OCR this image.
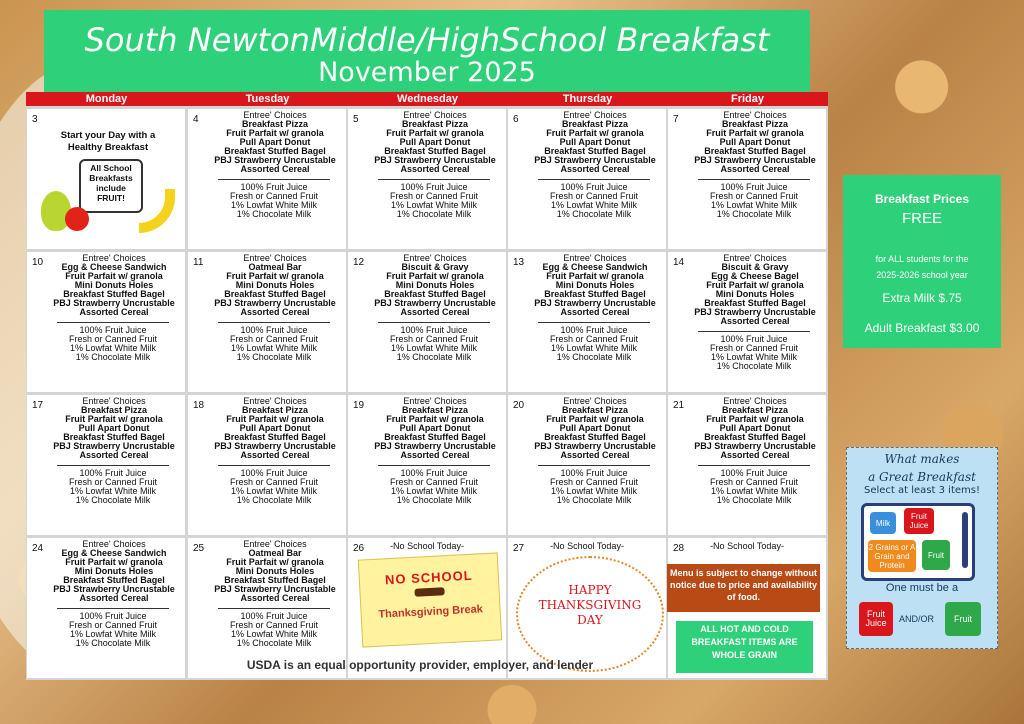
South NewtonMiddle/HighSchool Breakfast
November 2025
Monday	Tuesday	Wednesday	Thursday	Friday
3
Start your Day with a
Healthy Breakfast
All School
Breakfasts
include
FRUIT!
4	Entree' Choices
Breakfast Pizza
Fruit Parfait w/ granola
Pull Apart Donut
Breakfast Stuffed Bagel
PBJ Strawberry Uncrustable
Assorted Cereal
100% Fruit Juice
Fresh or Canned Fruit
1% Lowfat White Milk
1% Chocolate Milk
5	Entree' Choices
Breakfast Pizza
Fruit Parfait w/ granola
Pull Apart Donut
Breakfast Stuffed Bagel
PBJ Strawberry Uncrustable
Assorted Cereal
100% Fruit Juice
Fresh or Canned Fruit
1% Lowfat White Milk
1% Chocolate Milk
6	Entree' Choices
Breakfast Pizza
Fruit Parfait w/ granola
Pull Apart Donut
Breakfast Stuffed Bagel
PBJ Strawberry Uncrustable
Assorted Cereal
100% Fruit Juice
Fresh or Canned Fruit
1% Lowfat White Milk
1% Chocolate Milk
7	Entree' Choices
Breakfast Pizza
Fruit Parfait w/ granola
Pull Apart Donut
Breakfast Stuffed Bagel
PBJ Strawberry Uncrustable
Assorted Cereal
100% Fruit Juice
Fresh or Canned Fruit
1% Lowfat White Milk
1% Chocolate Milk
10	Entree' Choices
Egg & Cheese Sandwich
Fruit Parfait w/ granola
Mini Donuts Holes
Breakfast Stuffed Bagel
PBJ Strawberry Uncrustable
Assorted Cereal
100% Fruit Juice
Fresh or Canned Fruit
1% Lowfat White Milk
1% Chocolate Milk
11	Entree' Choices
Oatmeal Bar
Fruit Parfait w/ granola
Mini Donuts Holes
Breakfast Stuffed Bagel
PBJ Strawberry Uncrustable
Assorted Cereal
100% Fruit Juice
Fresh or Canned Fruit
1% Lowfat White Milk
1% Chocolate Milk
12	Entree' Choices
Biscuit & Gravy
Fruit Parfait w/ granola
Mini Donuts Holes
Breakfast Stuffed Bagel
PBJ Strawberry Uncrustable
Assorted Cereal
100% Fruit Juice
Fresh or Canned Fruit
1% Lowfat White Milk
1% Chocolate Milk
13	Entree' Choices
Egg & Cheese Sandwich
Fruit Parfait w/ granola
Mini Donuts Holes
Breakfast Stuffed Bagel
PBJ Strawberry Uncrustable
Assorted Cereal
100% Fruit Juice
Fresh or Canned Fruit
1% Lowfat White Milk
1% Chocolate Milk
14	Entree' Choices
Biscuit & Gravy
Egg & Cheese Bagel
Fruit Parfait w/ granola
Mini Donuts Holes
Breakfast Stuffed Bagel
PBJ Strawberry Uncrustable
Assorted Cereal
100% Fruit Juice
Fresh or Canned Fruit
1% Lowfat White Milk
1% Chocolate Milk
17	Entree' Choices
Breakfast Pizza
Fruit Parfait w/ granola
Pull Apart Donut
Breakfast Stuffed Bagel
PBJ Strawberry Uncrustable
Assorted Cereal
100% Fruit Juice
Fresh or Canned Fruit
1% Lowfat White Milk
1% Chocolate Milk
18	Entree' Choices
Breakfast Pizza
Fruit Parfait w/ granola
Pull Apart Donut
Breakfast Stuffed Bagel
PBJ Strawberry Uncrustable
Assorted Cereal
100% Fruit Juice
Fresh or Canned Fruit
1% Lowfat White Milk
1% Chocolate Milk
19	Entree' Choices
Breakfast Pizza
Fruit Parfait w/ granola
Pull Apart Donut
Breakfast Stuffed Bagel
PBJ Strawberry Uncrustable
Assorted Cereal
100% Fruit Juice
Fresh or Canned Fruit
1% Lowfat White Milk
1% Chocolate Milk
20	Entree' Choices
Breakfast Pizza
Fruit Parfait w/ granola
Pull Apart Donut
Breakfast Stuffed Bagel
PBJ Strawberry Uncrustable
Assorted Cereal
100% Fruit Juice
Fresh or Canned Fruit
1% Lowfat White Milk
1% Chocolate Milk
21	Entree' Choices
Breakfast Pizza
Fruit Parfait w/ granola
Pull Apart Donut
Breakfast Stuffed Bagel
PBJ Strawberry Uncrustable
Assorted Cereal
100% Fruit Juice
Fresh or Canned Fruit
1% Lowfat White Milk
1% Chocolate Milk
24	Entree' Choices
Egg & Cheese Sandwich
Fruit Parfait w/ granola
Mini Donuts Holes
Breakfast Stuffed Bagel
PBJ Strawberry Uncrustable
Assorted Cereal
100% Fruit Juice
Fresh or Canned Fruit
1% Lowfat White Milk
1% Chocolate Milk
25	Entree' Choices
Oatmeal Bar
Fruit Parfait w/ granola
Mini Donuts Holes
Breakfast Stuffed Bagel
PBJ Strawberry Uncrustable
Assorted Cereal
100% Fruit Juice
Fresh or Canned Fruit
1% Lowfat White Milk
1% Chocolate Milk
26	-No School Today-
NO SCHOOL
Thanksgiving Break
27	-No School Today-
HAPPY
THANKSGIVING
DAY
28	-No School Today-
Breakfast Prices
FREE
for ALL students for the
2025-2026 school year
Extra Milk $.75
Adult Breakfast $3.00
What makes
a Great Breakfast
Select at least 3 items!
Milk
Fruit Juice
2 Grains or A Grain and Protein
Fruit
One must be a
Fruit Juice	AND/OR	Fruit
Menu is subject to change without notice due to price and availability of food.
ALL HOT AND COLD BREAKFAST ITEMS ARE WHOLE GRAIN
USDA is an equal opportunity provider, employer, and lender
